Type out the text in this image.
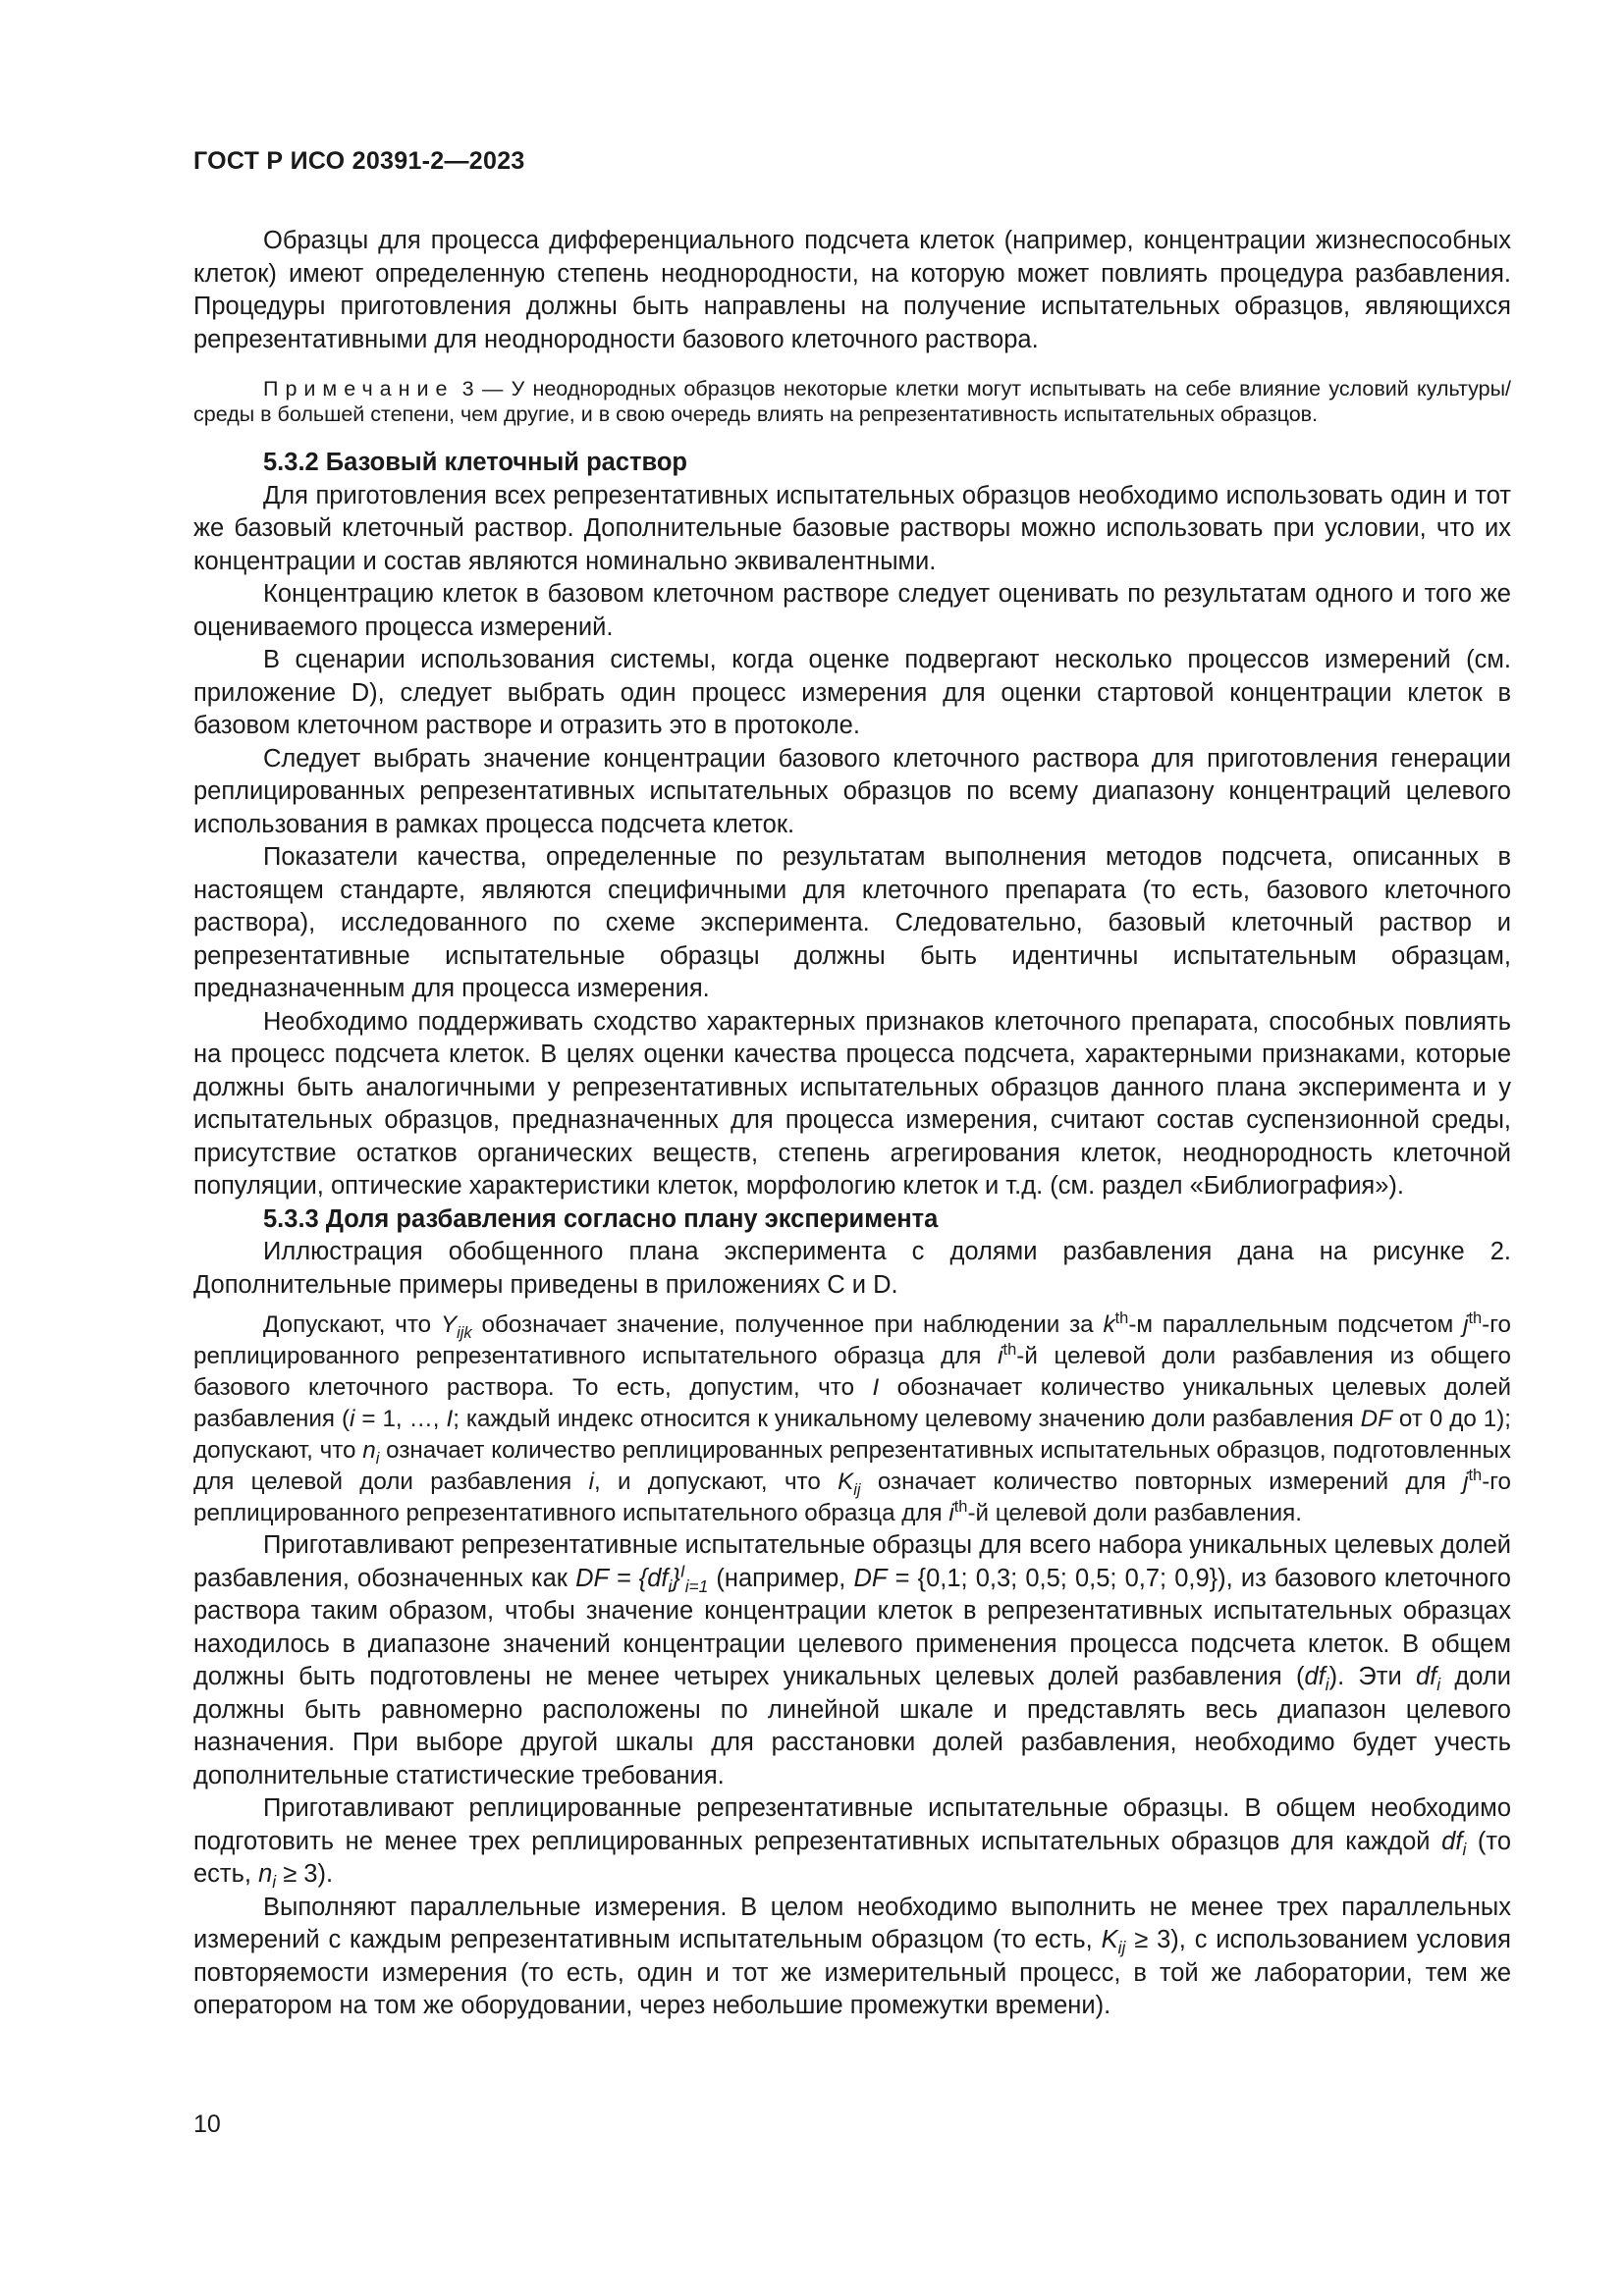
ГОСТ Р ИСО 20391-2—2023

Образцы для процесса дифференциального подсчета клеток (например, концентрации жизнеспособных клеток) имеют определенную степень неоднородности, на которую может повлиять процедура разбавления. Процедуры приготовления должны быть направлены на получение испытательных образцов, являющихся репрезентативными для неоднородности базового клеточного раствора.

Примечание 3 — У неоднородных образцов некоторые клетки могут испытывать на себе влияние условий культуры/среды в большей степени, чем другие, и в свою очередь влиять на репрезентативность испытательных образцов.

5.3.2 Базовый клеточный раствор

Для приготовления всех репрезентативных испытательных образцов необходимо использовать один и тот же базовый клеточный раствор. Дополнительные базовые растворы можно использовать при условии, что их концентрации и состав являются номинально эквивалентными.

Концентрацию клеток в базовом клеточном растворе следует оценивать по результатам одного и того же оцениваемого процесса измерений.

В сценарии использования системы, когда оценке подвергают несколько процессов измерений (см. приложение D), следует выбрать один процесс измерения для оценки стартовой концентрации клеток в базовом клеточном растворе и отразить это в протоколе.

Следует выбрать значение концентрации базового клеточного раствора для приготовления генерации реплицированных репрезентативных испытательных образцов по всему диапазону концентраций целевого использования в рамках процесса подсчета клеток.

Показатели качества, определенные по результатам выполнения методов подсчета, описанных в настоящем стандарте, являются специфичными для клеточного препарата (то есть, базового клеточного раствора), исследованного по схеме эксперимента. Следовательно, базовый клеточный раствор и репрезентативные испытательные образцы должны быть идентичны испытательным образцам, предназначенным для процесса измерения.

Необходимо поддерживать сходство характерных признаков клеточного препарата, способных повлиять на процесс подсчета клеток. В целях оценки качества процесса подсчета, характерными признаками, которые должны быть аналогичными у репрезентативных испытательных образцов данного плана эксперимента и у испытательных образцов, предназначенных для процесса измерения, считают состав суспензионной среды, присутствие остатков органических веществ, степень агрегирования клеток, неоднородность клеточной популяции, оптические характеристики клеток, морфологию клеток и т.д. (см. раздел «Библиография»).

5.3.3 Доля разбавления согласно плану эксперимента

Иллюстрация обобщенного плана эксперимента с долями разбавления дана на рисунке 2. Дополнительные примеры приведены в приложениях С и D.

Допускают, что $Y_{ijk}$ обозначает значение, полученное при наблюдении за $k^{th}-м$ параллельным подсчетом $j^{th}-го$ реплицированного репрезентативного испытательного образца для $i^{th}-й$ целевой доли разбавления из общего базового клеточного раствора. То есть, допустим, что I обозначает количество уникальных целевых долей разбавления (i = 1, …, I; каждый индекс относится к уникальному целевому значению доли разбавления DF от 0 до 1); допускают, что $n_i$ означает количество реплицированных репрезентативных испытательных образцов, подготовленных для целевой доли разбавления i, и допускают, что $K_{ij}$ означает количество повторных измерений для $j^{th}-го$ реплицированного репрезентативного испытательного образца для $i^{th}-й$ целевой доли разбавления.

Приготавливают репрезентативные испытательные образцы для всего набора уникальных целевых долей разбавления, обозначенных как DF = $\{df_i\}^I_{i=1}$ (например, DF = {0,1; 0,3; 0,5; 0,5; 0,7; 0,9}), из базового клеточного раствора таким образом, чтобы значение концентрации клеток в репрезентативных испытательных образцах находилось в диапазоне значений концентрации целевого применения процесса подсчета клеток. В общем должны быть подготовлены не менее четырех уникальных целевых долей разбавления $(df_i)$. Эти $df_i$ доли должны быть равномерно расположены по линейной шкале и представлять весь диапазон целевого назначения. При выборе другой шкалы для расстановки долей разбавления, необходимо будет учесть дополнительные статистические требования.

Приготавливают реплицированные репрезентативные испытательные образцы. В общем необходимо подготовить не менее трех реплицированных репрезентативных испытательных образцов для каждой $df_i$ (то есть, $n_i \ge 3$).

Выполняют параллельные измерения. В целом необходимо выполнить не менее трех параллельных измерений с каждым репрезентативным испытательным образцом (то есть, $K_{ij} \ge 3$), с использованием условия повторяемости измерения (то есть, один и тот же измерительный процесс, в той же лаборатории, тем же оператором на том же оборудовании, через небольшие промежутки времени).

10
